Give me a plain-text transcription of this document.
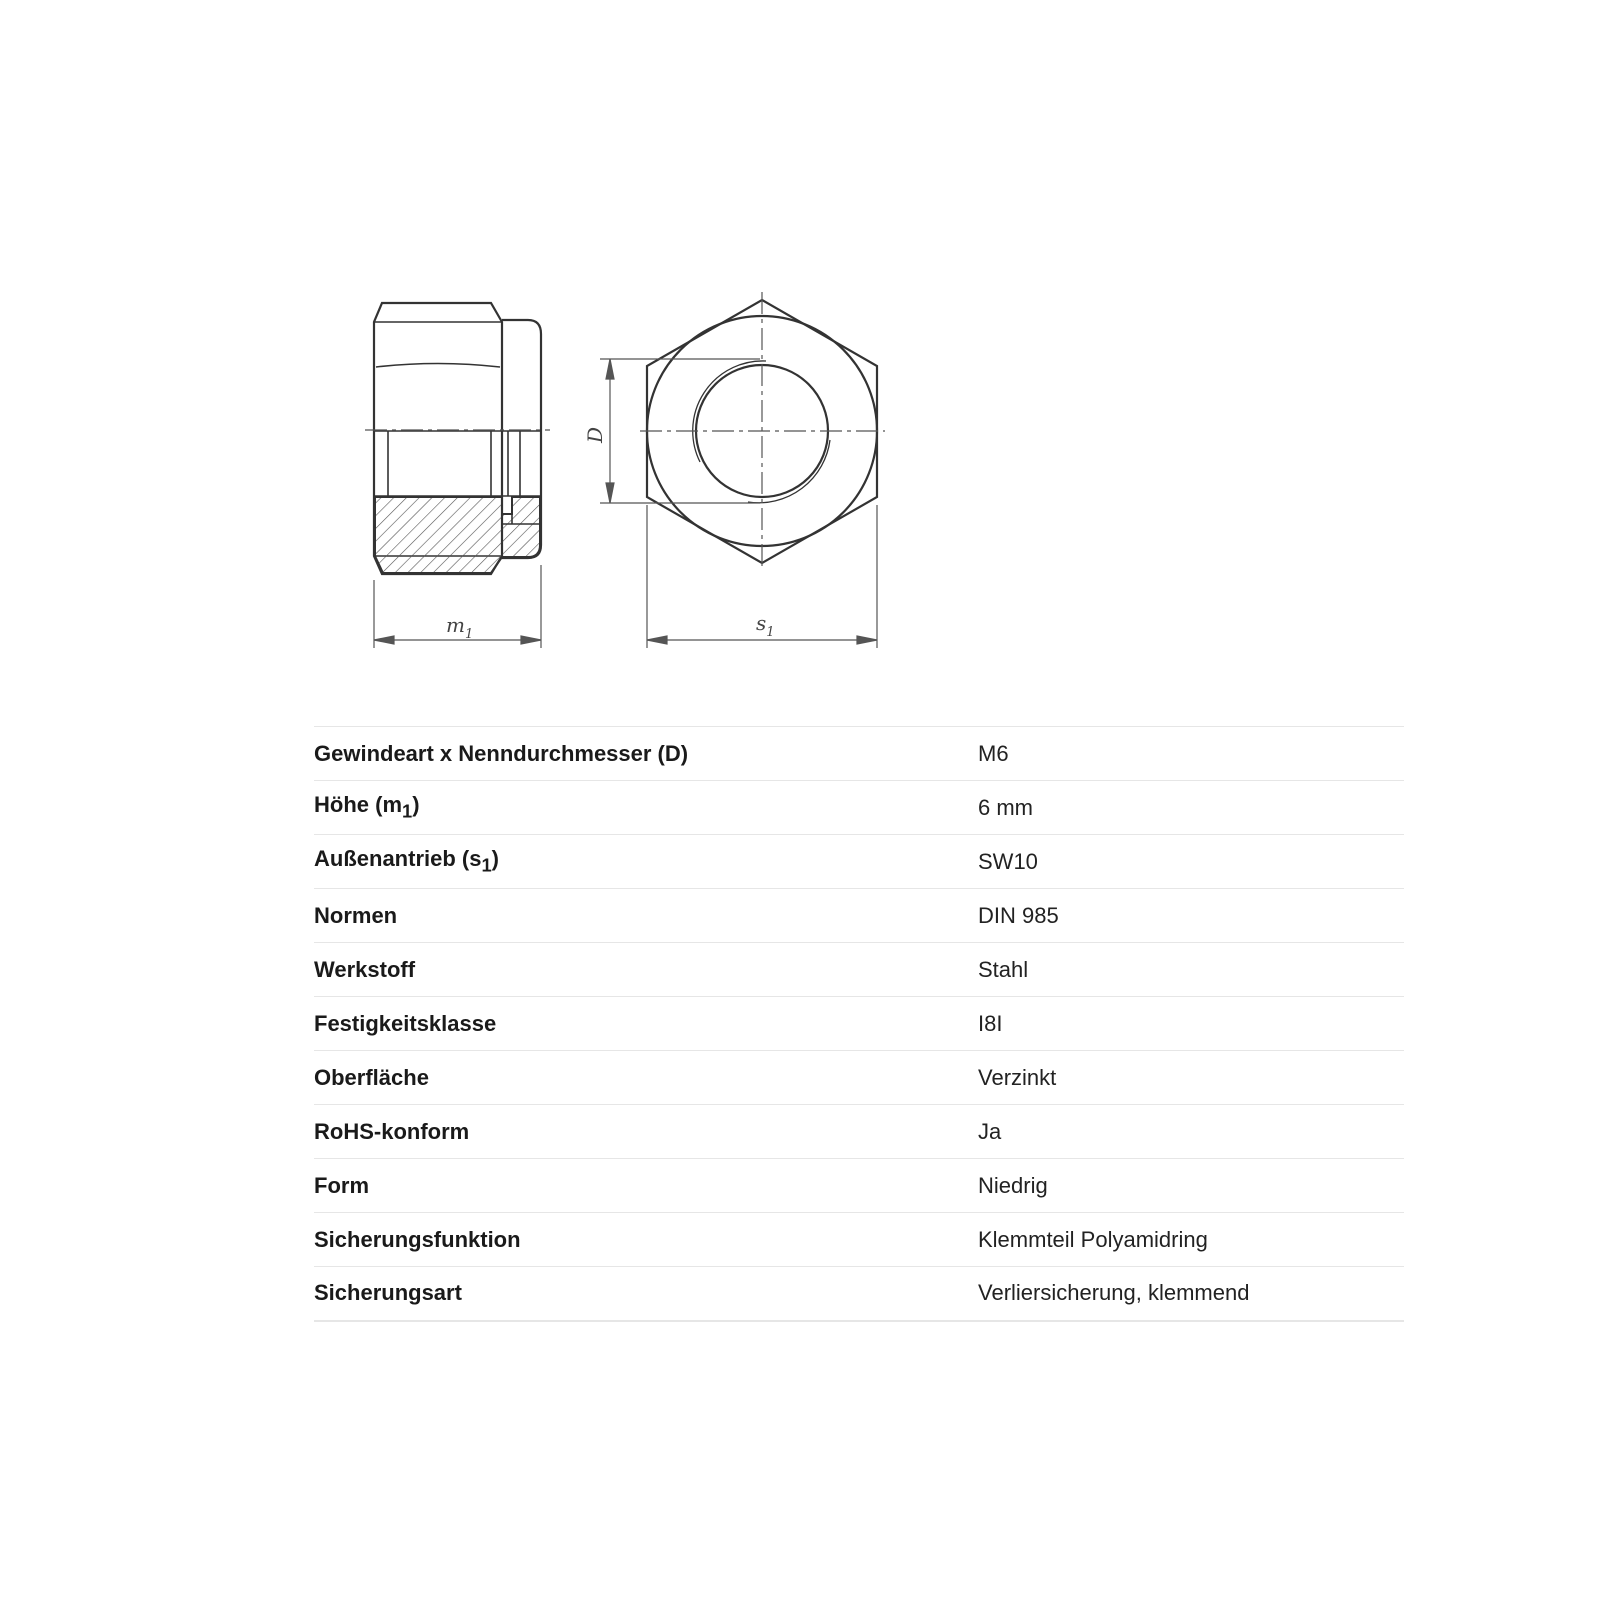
$m_1$
D
$s_1$
Gewindeart x Nenndurchmesser (D)	M6
Höhe $(m_1)$	6 mm
Außenantrieb $(s_1)$	SW10
Normen	DIN 985
Werkstoff	Stahl
Festigkeitsklasse	I8I
Oberfläche	Verzinkt
RoHS-konform	Ja
Form	Niedrig
Sicherungsfunktion	Klemmteil Polyamidring
Sicherungsart	Verliersicherung, klemmend
